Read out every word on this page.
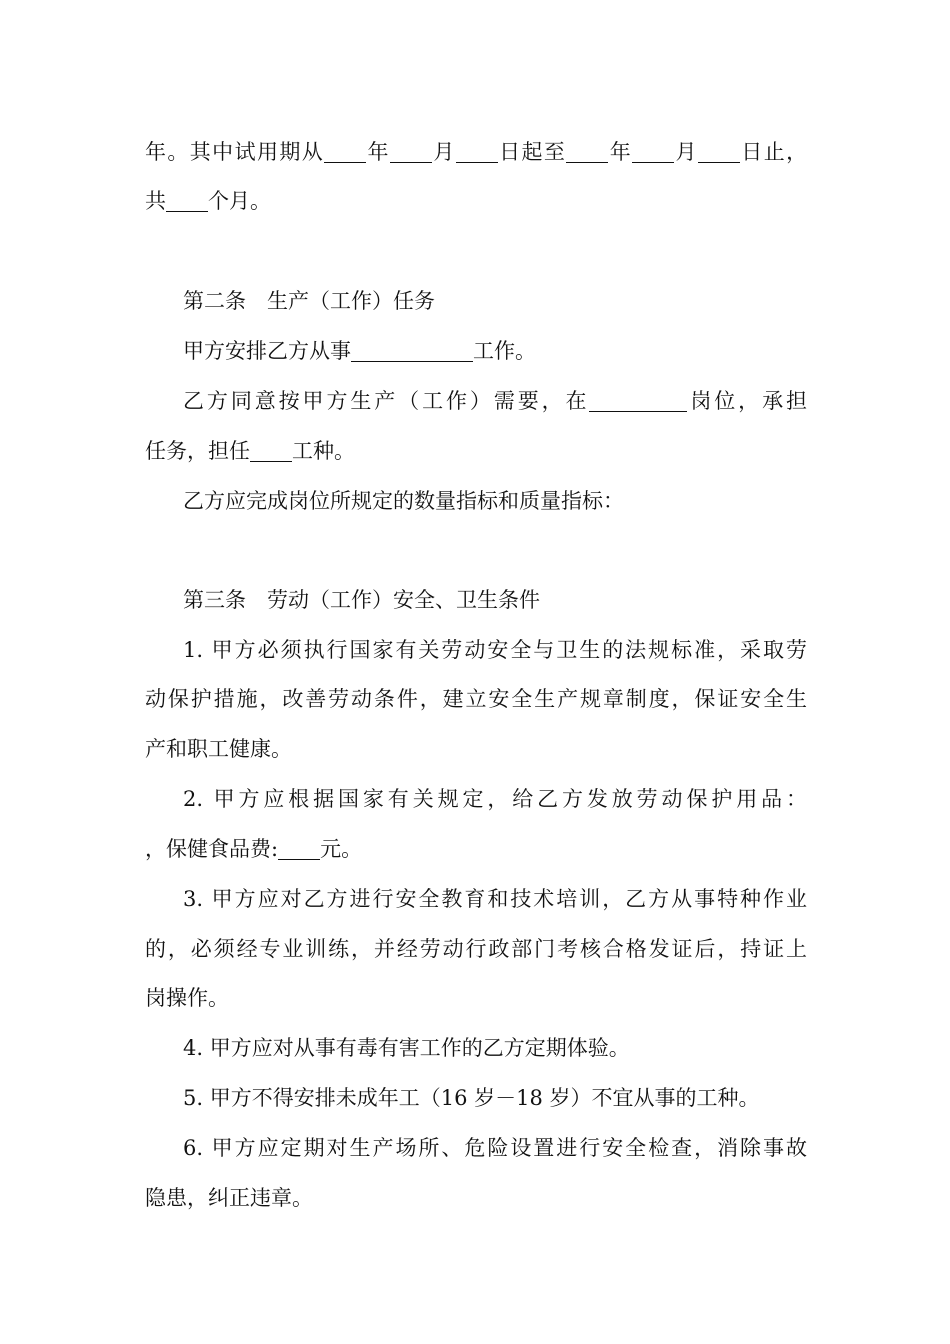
年。其中试用期从 年 月 日起至 年 月 日止，
共 个月。
第二条　生产（工作）任务
甲方安排乙方从事	工作。
乙方同意按甲方生产（工作）需要，在	岗位，承担
任务，担任 工种。
乙方应完成岗位所规定的数量指标和质量指标：
第三条　劳动（工作）安全、卫生条件
1. 甲方必须执行国家有关劳动安全与卫生的法规标准，采取劳
动保护措施，改善劳动条件，建立安全生产规章制度，保证安全生
产和职工健康。
2. 甲方应根据国家有关规定，给乙方发放劳动保护用品：
，保健食品费: 元。
3. 甲方应对乙方进行安全教育和技术培训，乙方从事特种作业
的，必须经专业训练，并经劳动行政部门考核合格发证后，持证上
岗操作。
4. 甲方应对从事有毒有害工作的乙方定期体验。
5. 甲方不得安排未成年工（16 岁－18 岁）不宜从事的工种。
6. 甲方应定期对生产场所、危险设置进行安全检查，消除事故
隐患，纠正违章。
